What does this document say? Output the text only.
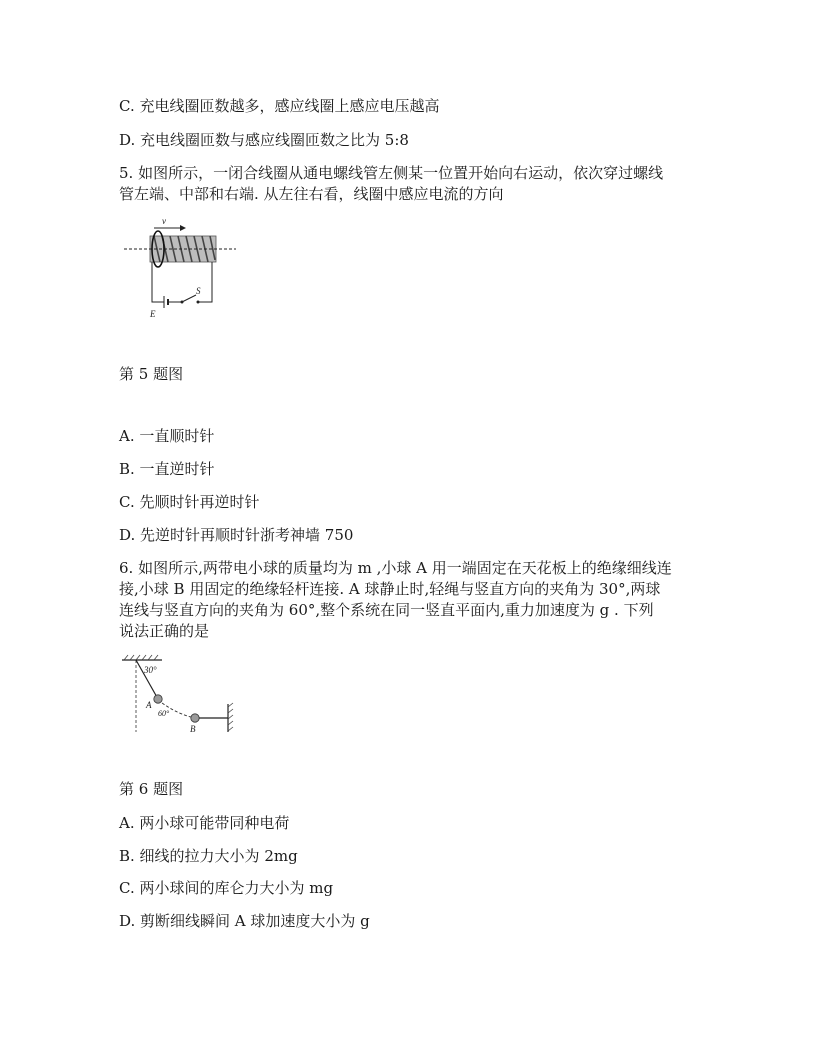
C. 充电线圈匝数越多，感应线圈上感应电压越高
D. 充电线圈匝数与感应线圈匝数之比为 5:8
5. 如图所示，一闭合线圈从通电螺线管左侧某一位置开始向右运动，依次穿过螺线
管左端、中部和右端. 从左往右看，线圈中感应电流的方向
v
S
E
第 5 题图
A. 一直顺时针
B. 一直逆时针
C. 先顺时针再逆时针
D. 先逆时针再顺时针浙考神墙 750
6. 如图所示,两带电小球的质量均为 m ,小球 A 用一端固定在天花板上的绝缘细线连
接,小球 B 用固定的绝缘轻杆连接. A 球静止时,轻绳与竖直方向的夹角为 30°,两球
连线与竖直方向的夹角为 60°,整个系统在同一竖直平面内,重力加速度为 g . 下列
说法正确的是
30°
60°
A
B
第 6 题图
A. 两小球可能带同种电荷
B. 细线的拉力大小为 2mg
C. 两小球间的库仑力大小为 mg
D. 剪断细线瞬间 A 球加速度大小为 g
